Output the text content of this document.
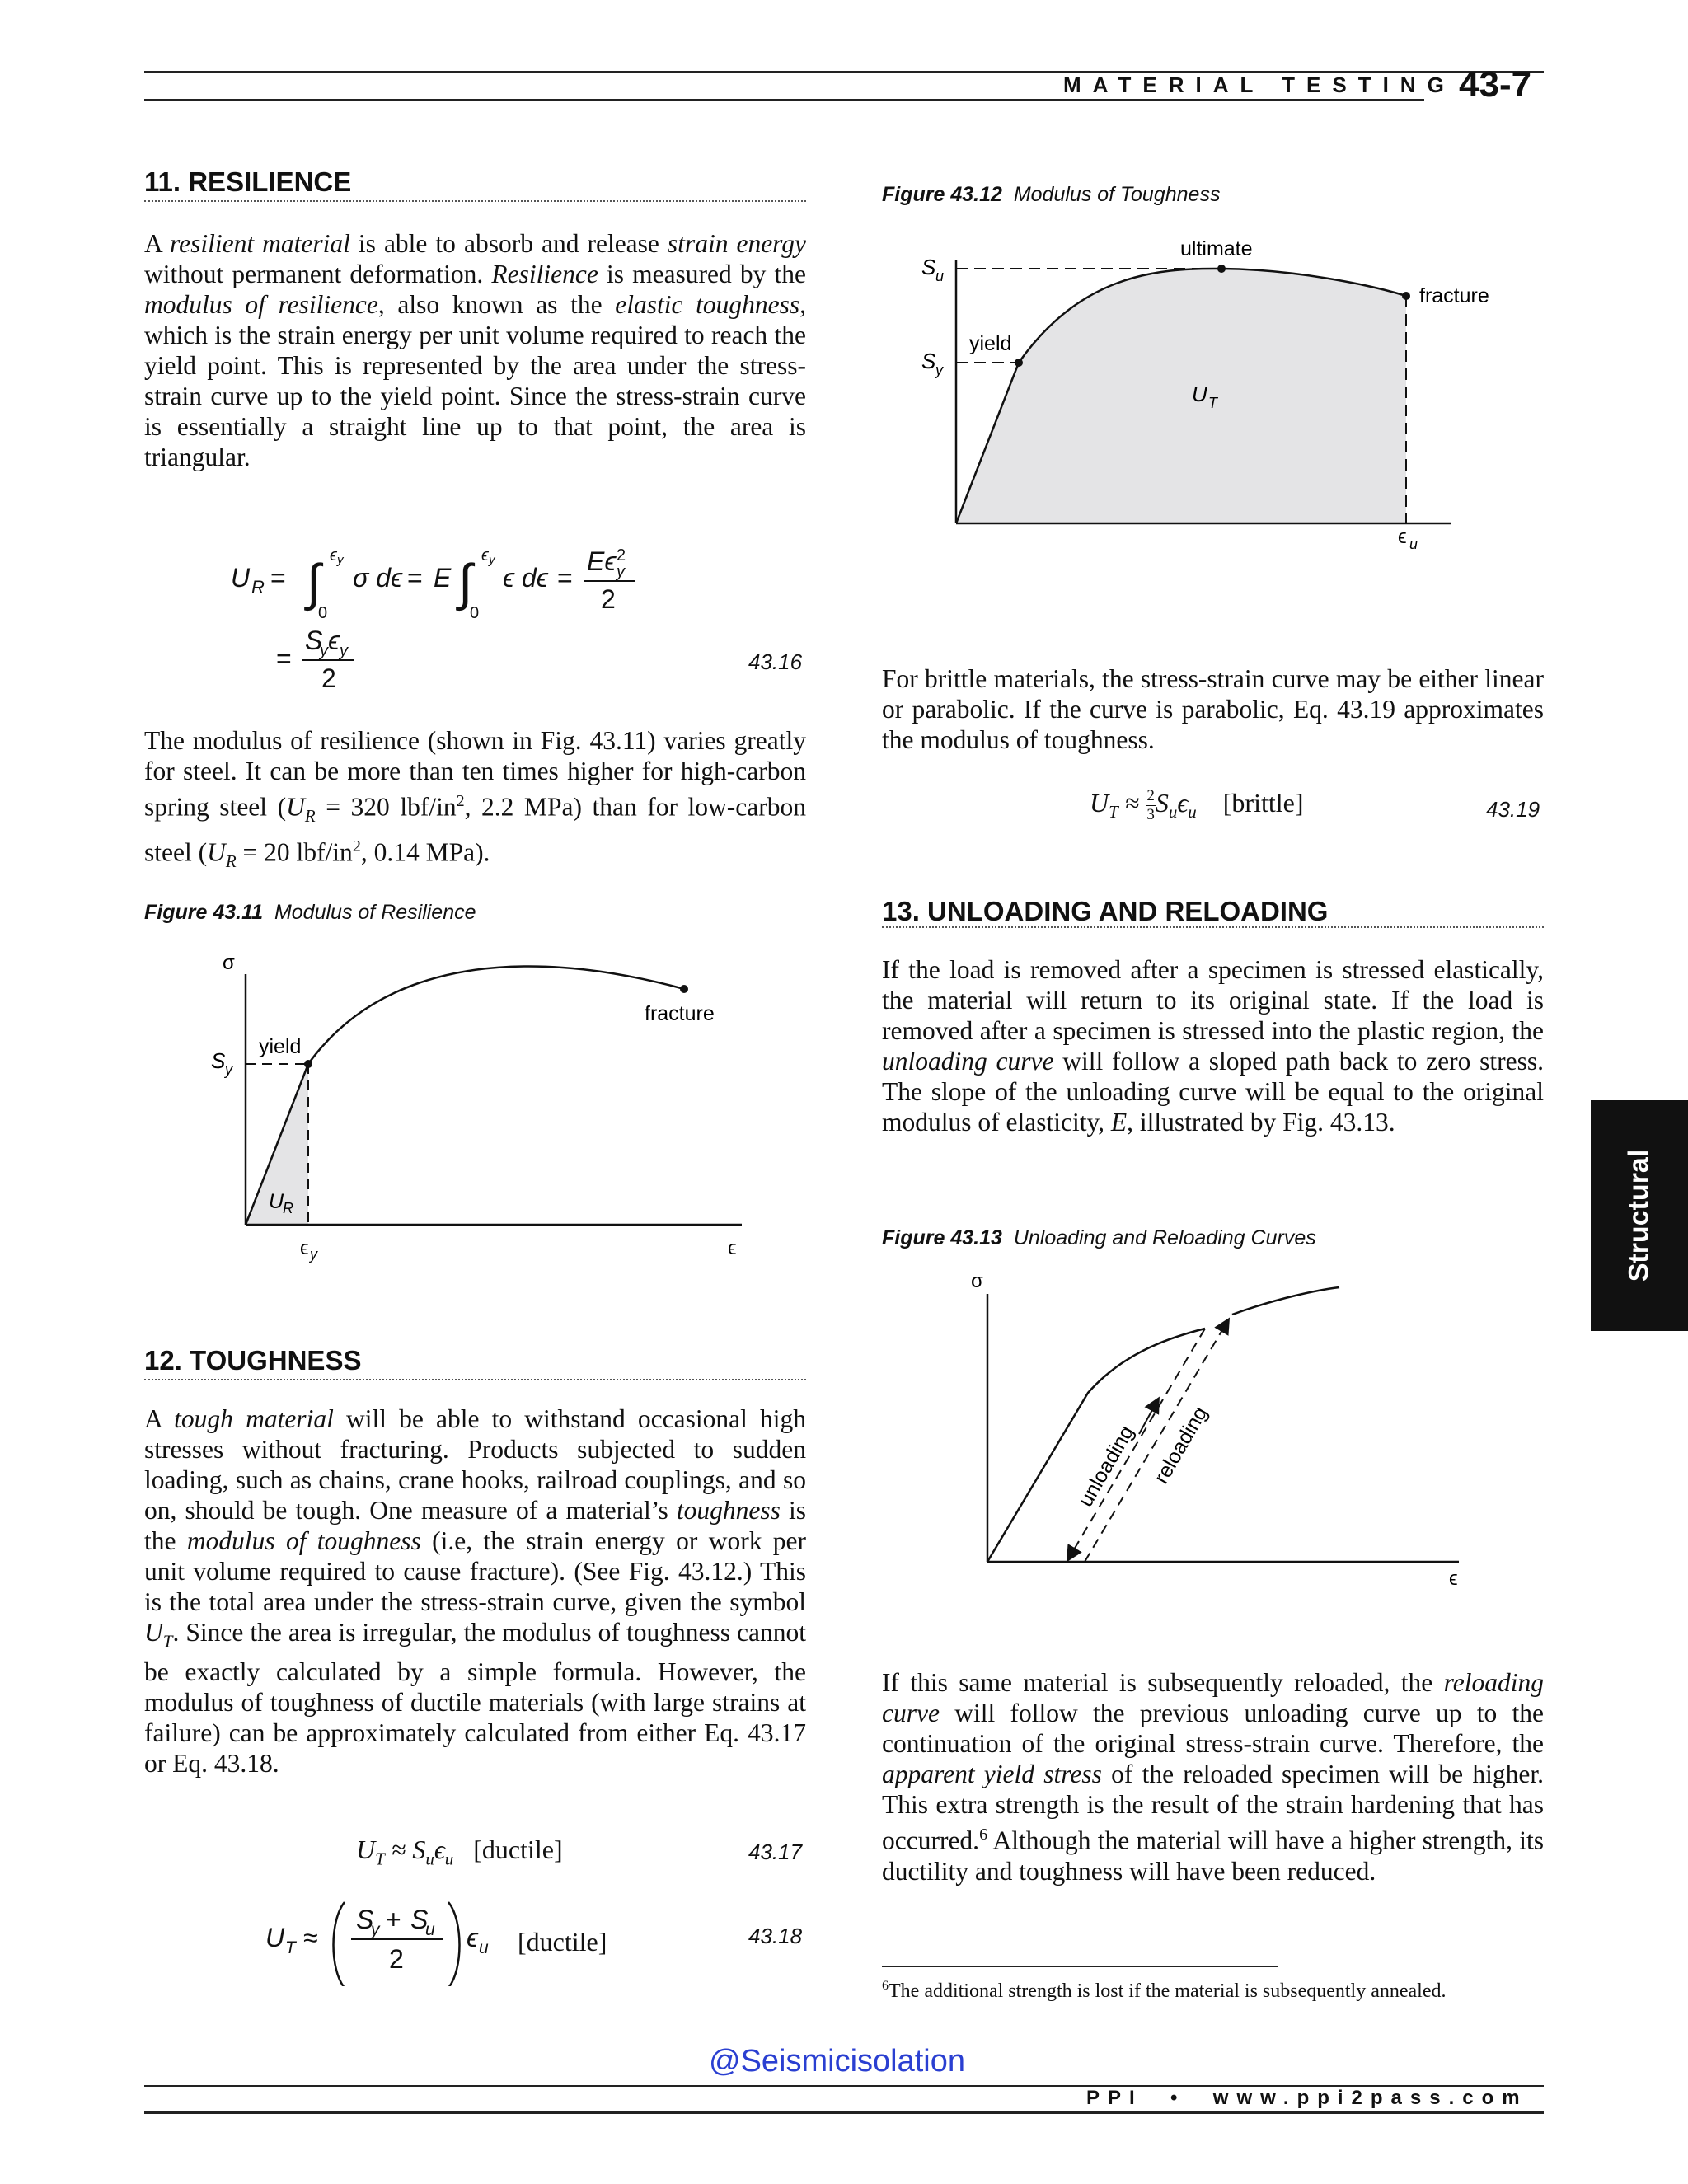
MATERIAL TESTING 43-7
11. RESILIENCE
A resilient material is able to absorb and release strain energy without permanent deformation. Resilience is measured by the modulus of resilience, also known as the elastic toughness, which is the strain energy per unit volume required to reach the yield point. This is represented by the area under the stress-strain curve up to the yield point. Since the stress-strain curve is essentially a straight line up to that point, the area is triangular.
U R = ∫ ϵ y
0
σ dϵ = E ∫ ϵ y
0
ϵ dϵ =
Eϵ 2
y
2
=
S
y ϵ y
2
43.16
The modulus of resilience (shown in Fig. 43.11) varies greatly for steel. It can be more than ten times higher for high-carbon spring steel ($U_R = 320$ lbf/$in^2$, 2.2 MPa) than for low-carbon steel ($U_R = 20$ lbf/$in^2$, 0.14 MPa).
Figure 43.11 Modulus of Resilience
σ
S y
yield
fracture
U
R
ϵ y	ϵ
12. TOUGHNESS
A tough material will be able to withstand occasional high stresses without fracturing. Products subjected to sudden loading, such as chains, crane hooks, railroad couplings, and so on, should be tough. One measure of a material’s toughness is the modulus of toughness (i.e, the strain energy or work per unit volume required to cause fracture). (See Fig. 43.12.) This is the total area under the stress-strain curve, given the symbol $U_T$. Since the area is irregular, the modulus of toughness cannot be exactly calculated by a simple formula. However, the modulus of toughness of ductile materials (with large strains at failure) can be approximately calculated from either Eq. 43.17 or Eq. 43.18.
$U_T \approx S_u\epsilon_u$ [ductile]	43.17
U T ≈
S
y + S
u
2
ϵ u [ductile]	43.18
Figure 43.12 Modulus of Toughness
S u
S y
yield
ultimate
fracture
U T
ϵ u
For brittle materials, the stress-strain curve may be either linear or parabolic. If the curve is parabolic, Eq. 43.19 approximates the modulus of toughness.
$U_T \approx \frac{2}{3} S_u\epsilon_u$ [brittle]	43.19
13. UNLOADING AND RELOADING
If the load is removed after a specimen is stressed elastically, the material will return to its original state. If the load is removed after a specimen is stressed into the plastic region, the unloading curve will follow a sloped path back to zero stress. The slope of the unloading curve will be equal to the original modulus of elasticity, E, illustrated by Fig. 43.13.
Figure 43.13 Unloading and Reloading Curves
σ
ϵ
unloading reloading
If this same material is subsequently reloaded, the reloading curve will follow the previous unloading curve up to the continuation of the original stress-strain curve. Therefore, the apparent yield stress of the reloaded specimen will be higher. This extra strength is the result of the strain hardening that has occurred.$^6$ Although the material will have a higher strength, its ductility and toughness will have been reduced.
$^6$The additional strength is lost if the material is subsequently annealed.
Structural
@Seismicisolation
PPI • www.ppi2pass.com
